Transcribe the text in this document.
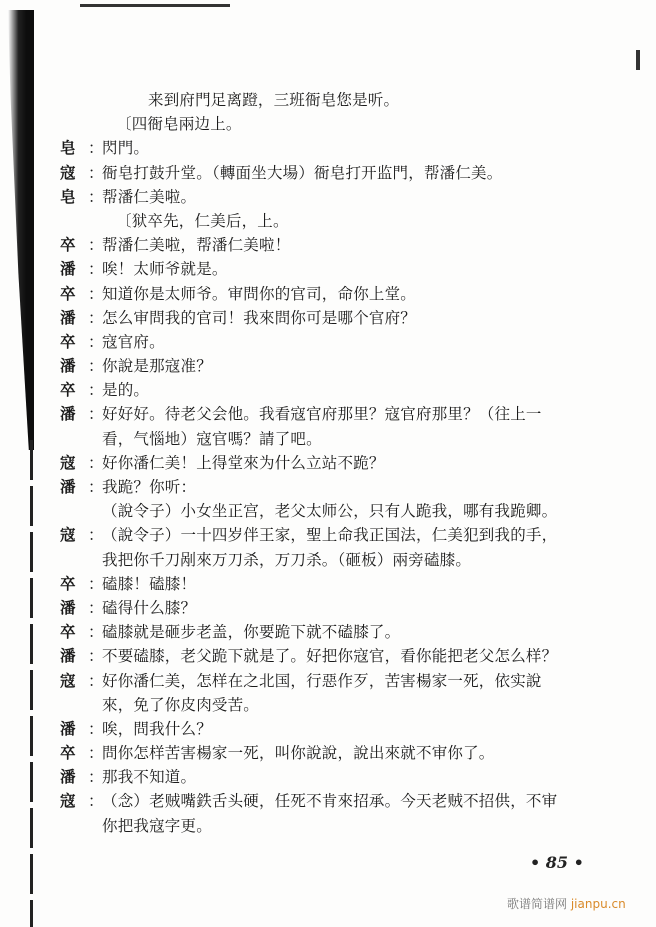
来到府門足离蹬，三班衙皂您是听。
〔四衙皂兩边上。
皂 ：閃門。
寇 ：衙皂打鼓升堂。（轉面坐大場）衙皂打开监門，帮潘仁美。
皂 ：帮潘仁美啦。
〔狱卒先，仁美后，上。
卒 ：帮潘仁美啦，帮潘仁美啦！
潘 ：唉！太师爷就是。
卒 ：知道你是太师爷。审問你的官司，命你上堂。
潘 ：怎么审問我的官司！我來問你可是哪个官府？
卒 ：寇官府。
潘 ：你說是那寇准？
卒 ：是的。
潘 ：好好好。待老父会他。我看寇官府那里？寇官府那里？（往上一
看，气惱地）寇官嗎？請了吧。
寇 ：好你潘仁美！上得堂來为什么立站不跪？
潘 ：我跪？你听：
（說令子）小女坐正宫，老父太师公，只有人跪我，哪有我跪卿。
寇 ：（說令子）一十四岁伴王家，聖上命我正国法，仁美犯到我的手，
我把你千刀剐來万刀杀，万刀杀。（砸板）兩旁磕膝。
卒 ：磕膝！磕膝！
潘 ：磕得什么膝？
卒 ：磕膝就是砸步老盖，你要跪下就不磕膝了。
潘 ：不要磕膝，老父跪下就是了。好把你寇官，看你能把老父怎么样？
寇 ：好你潘仁美，怎样在之北国，行惡作歹，苦害楊家一死，依实說
來，免了你皮肉受苦。
潘 ：唉，問我什么？
卒 ：問你怎样苦害楊家一死，叫你說說，說出來就不审你了。
潘 ：那我不知道。
寇 ：（念）老贼嘴鉄舌头硬，任死不肯來招承。今天老贼不招供，不审
你把我寇字更。
• 85 •
歌谱简谱网 jianpu.cn
